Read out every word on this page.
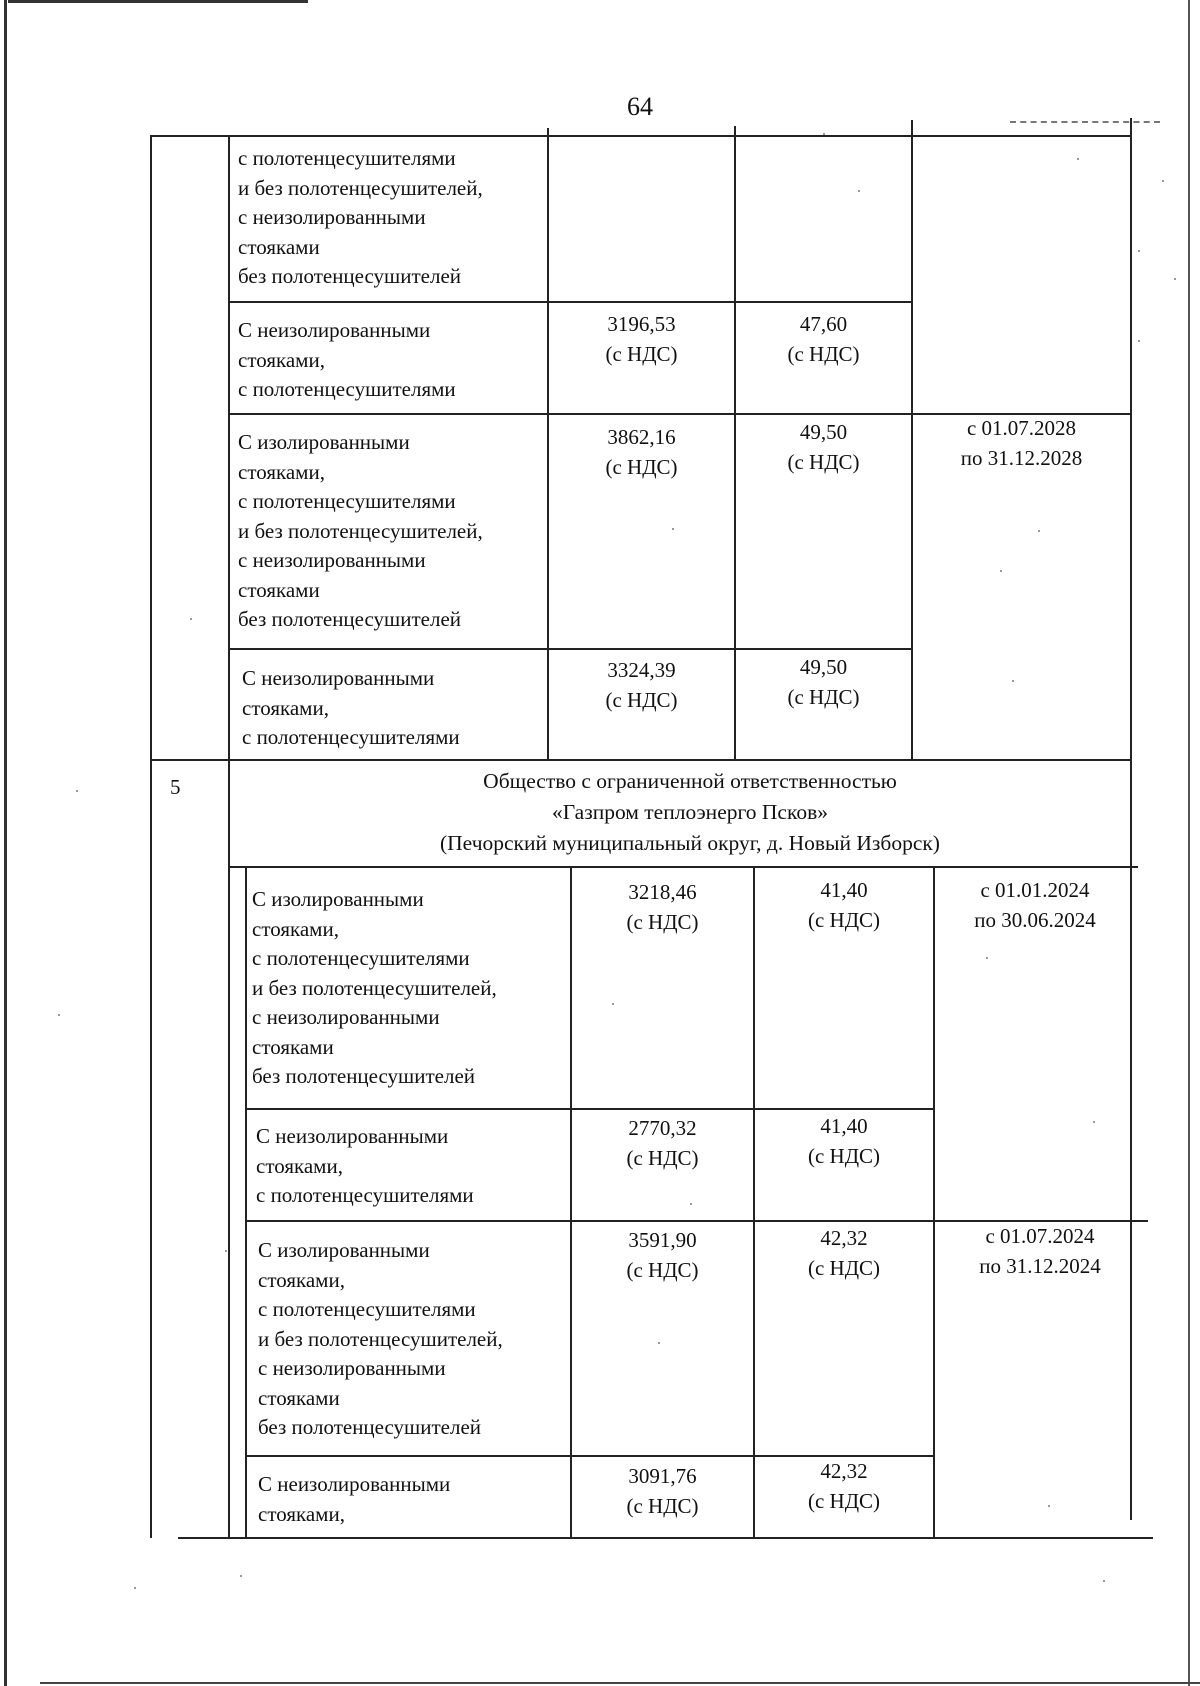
64
с полотенцесушителями
и без полотенцесушителей,
с неизолированными
стояками
без полотенцесушителей
С неизолированными
стояками,
с полотенцесушителями
3196,53
(с НДС)
47,60
(с НДС)
С изолированными
стояками,
с полотенцесушителями
и без полотенцесушителей,
с неизолированными
стояками
без полотенцесушителей
3862,16
(с НДС)
49,50
(с НДС)
с 01.07.2028
по 31.12.2028
С неизолированными
стояками,
с полотенцесушителями
3324,39
(с НДС)
49,50
(с НДС)
5	Общество с ограниченной ответственностью
«Газпром теплоэнерго Псков»
(Печорский муниципальный округ, д. Новый Изборск)
С изолированными
стояками,
с полотенцесушителями
и без полотенцесушителей,
с неизолированными
стояками
без полотенцесушителей
3218,46
(с НДС)
41,40
(с НДС)
с 01.01.2024
по 30.06.2024
С неизолированными
стояками,
с полотенцесушителями
2770,32
(с НДС)
41,40
(с НДС)
С изолированными
стояками,
с полотенцесушителями
и без полотенцесушителей,
с неизолированными
стояками
без полотенцесушителей
3591,90
(с НДС)
42,32
(с НДС)
с 01.07.2024
по 31.12.2024
С неизолированными
стояками,
3091,76
(с НДС)
42,32
(с НДС)
